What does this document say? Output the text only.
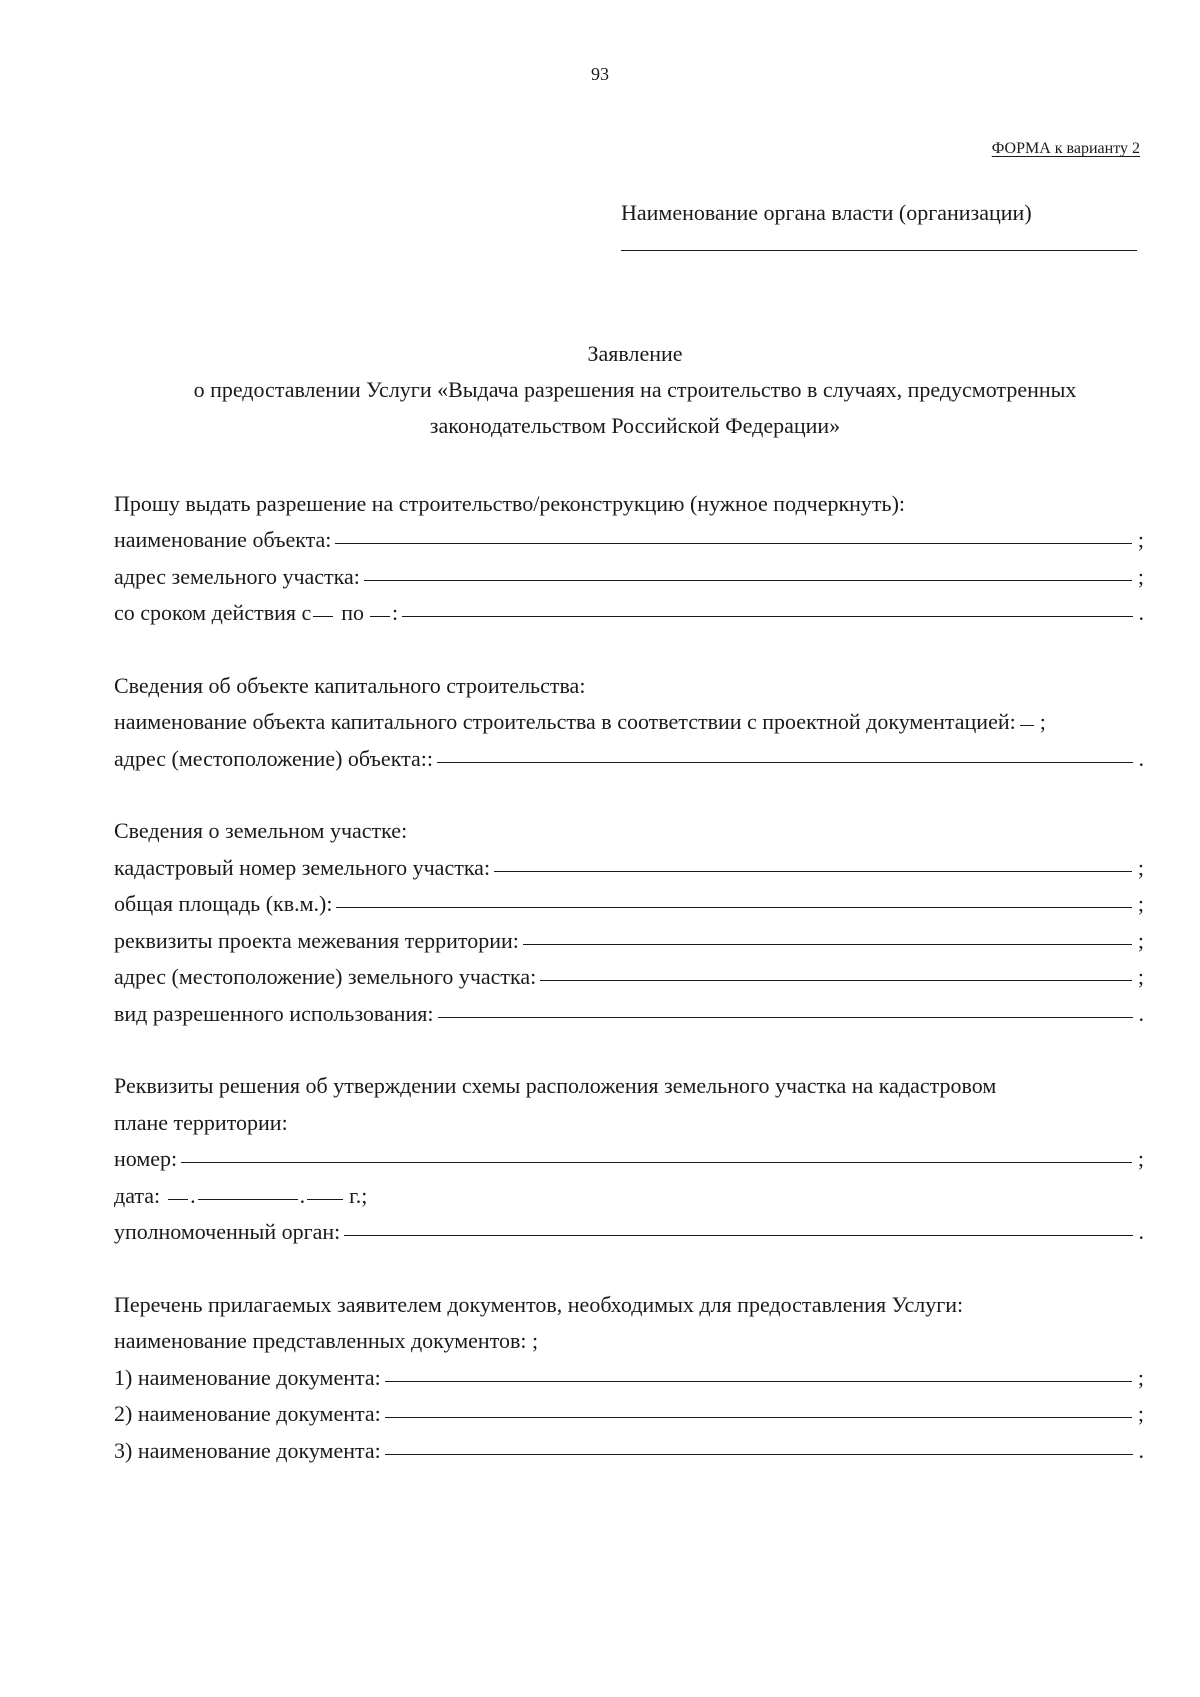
93
ФОРМА к варианту 2
Наименование органа власти (организации)
Заявление
о предоставлении Услуги «Выдача разрешения на строительство в случаях, предусмотренных
законодательством Российской Федерации»
Прошу выдать разрешение на строительство/реконструкцию (нужное подчеркнуть):
наименование объекта:	;
адрес земельного участка:	;
со сроком действия с по :	.
Сведения об объекте капитального строительства:
наименование объекта капитального строительства в соответствии с проектной документацией: ;
адрес (местоположение) объекта::	.
Сведения о земельном участке:
кадастровый номер земельного участка:	;
общая площадь (кв.м.):	;
реквизиты проекта межевания территории:	;
адрес (местоположение) земельного участка:	;
вид разрешенного использования:	.
Реквизиты решения об утверждении схемы расположения земельного участка на кадастровом
плане территории:
номер:	;
дата: .	. г.;
уполномоченный орган:	.
Перечень прилагаемых заявителем документов, необходимых для предоставления Услуги:
наименование представленных документов: ;
1) наименование документа:	;
2) наименование документа:	;
3) наименование документа:	.
